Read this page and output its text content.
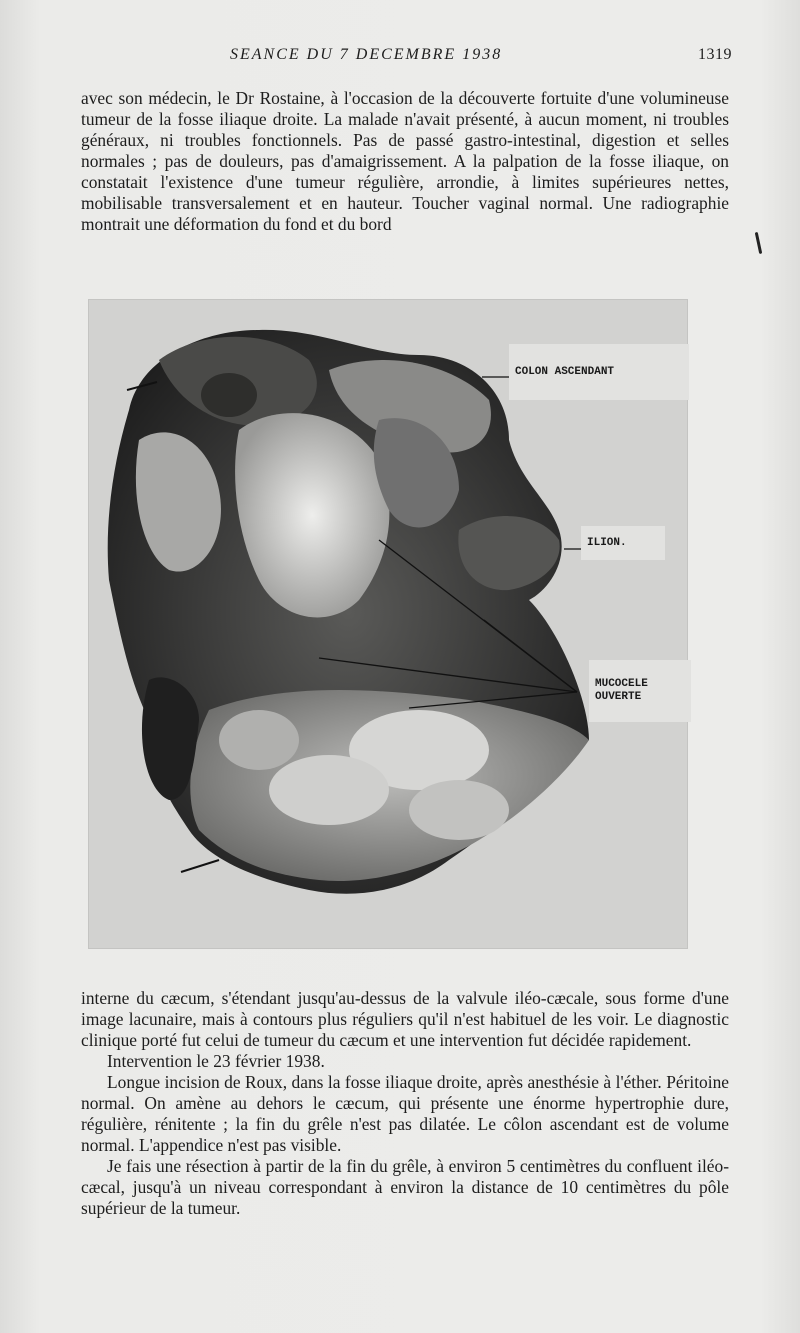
SEANCE DU 7 DECEMBRE 1938	1319

avec son médecin, le Dr Rostaine, à l'occasion de la découverte fortuite d'une volumineuse tumeur de la fosse iliaque droite. La malade n'avait présenté, à aucun moment, ni troubles généraux, ni troubles fonctionnels. Pas de passé gastro-intestinal, digestion et selles normales ; pas de douleurs, pas d'amaigrissement. A la palpation de la fosse iliaque, on constatait l'existence d'une tumeur régulière, arrondie, à limites supérieures nettes, mobilisable transversalement et en hauteur. Toucher vaginal normal. Une radiographie montrait une déformation du fond et du bord

COLON ASCENDANT
ILION.
MUCOCELE
OUVERTE

interne du cæcum, s'étendant jusqu'au-dessus de la valvule iléo-cæcale, sous forme d'une image lacunaire, mais à contours plus réguliers qu'il n'est habituel de les voir. Le diagnostic clinique porté fut celui de tumeur du cæcum et une intervention fut décidée rapidement.

Intervention le 23 février 1938.

Longue incision de Roux, dans la fosse iliaque droite, après anesthésie à l'éther. Péritoine normal. On amène au dehors le cæcum, qui présente une énorme hypertrophie dure, régulière, rénitente ; la fin du grêle n'est pas dilatée. Le côlon ascendant est de volume normal. L'appendice n'est pas visible.

Je fais une résection à partir de la fin du grêle, à environ 5 centimètres du confluent iléo-cæcal, jusqu'à un niveau correspondant à environ la distance de 10 centimètres du pôle supérieur de la tumeur.
